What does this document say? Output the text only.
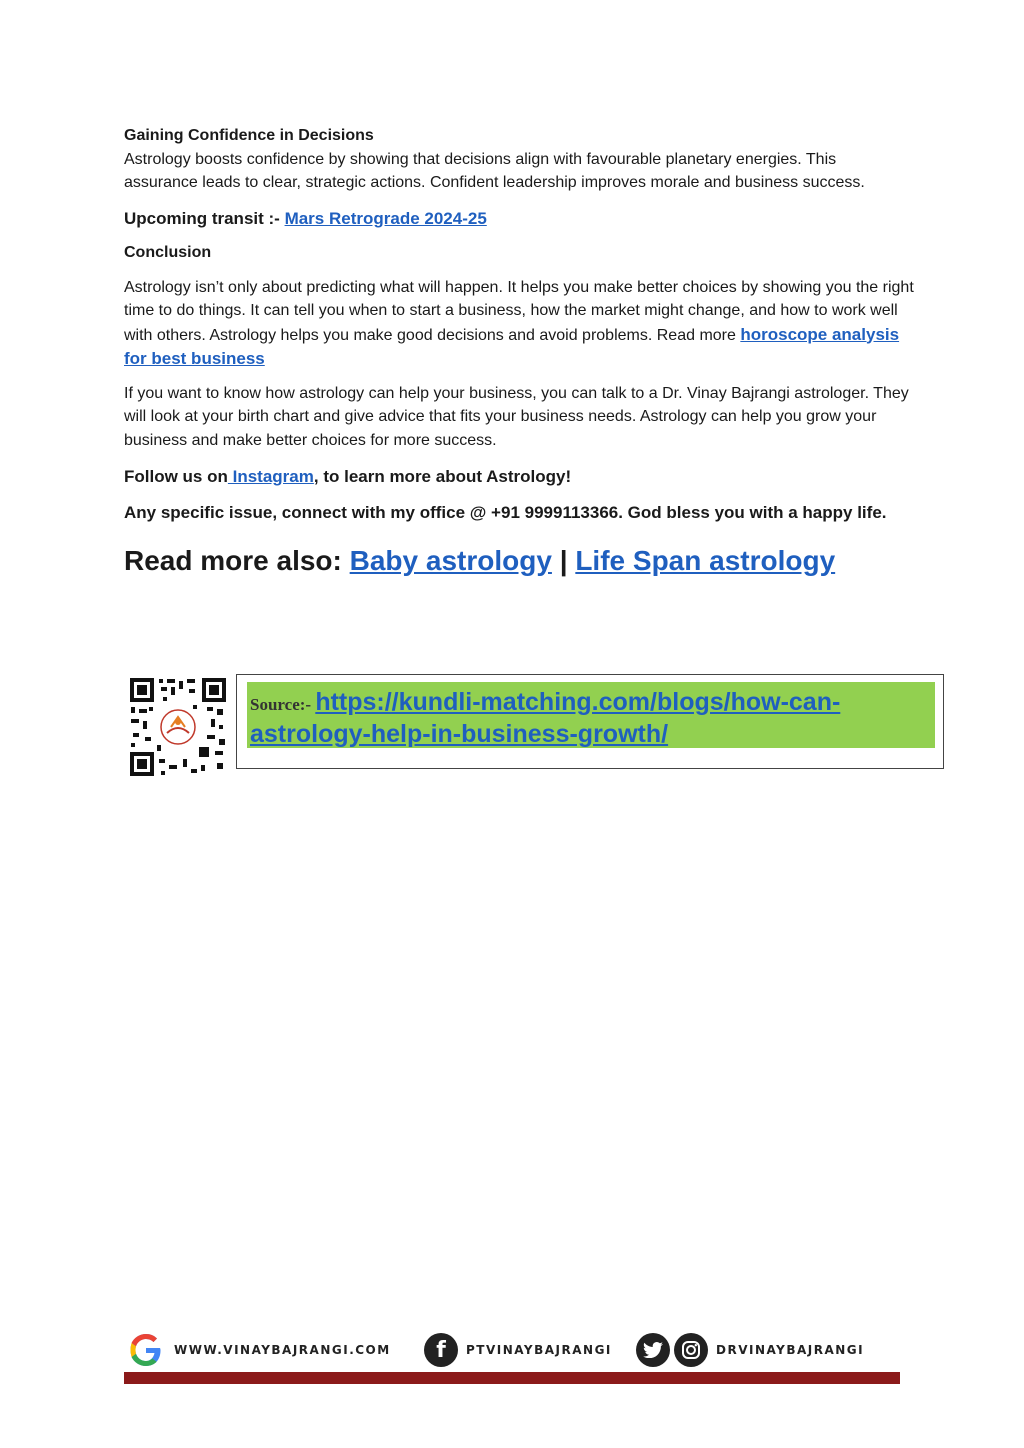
Gaining Confidence in Decisions

Astrology boosts confidence by showing that decisions align with favourable planetary energies. This assurance leads to clear, strategic actions. Confident leadership improves morale and business success.

Upcoming transit :- Mars Retrograde 2024-25

Conclusion

Astrology isn’t only about predicting what will happen. It helps you make better choices by showing you the right time to do things. It can tell you when to start a business, how the market might change, and how to work well with others. Astrology helps you make good decisions and avoid problems. Read more horoscope analysis for best business

If you want to know how astrology can help your business, you can talk to a Dr. Vinay Bajrangi astrologer. They will look at your birth chart and give advice that fits your business needs. Astrology can help you grow your business and make better choices for more success.

Follow us on Instagram, to learn more about Astrology!

Any specific issue, connect with my office @ +91 9999113366. God bless you with a happy life.

Read more also: Baby astrology | Life Span astrology

Source:- https://kundli-matching.com/blogs/how-can-astrology-help-in-business-growth/
WWW.VINAYBAJRANGI.COM	f	PTVINAYBAJRANGI	DRVINAYBAJRANGI
